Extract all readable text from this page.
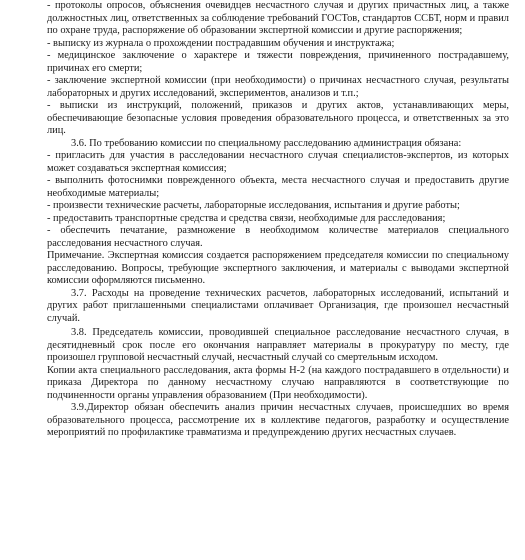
- протоколы опросов, объяснения очевидцев несчастного случая и других причастных лиц, а также должностных лиц, ответственных за соблюдение требований ГОСТов, стандартов ССБТ, норм и правил по охране труда, распоряжение об образовании экспертной комиссии и другие распоряжения;

- выписку из журнала о прохождении пострадавшим обучения и инструктажа;

- медицинское заключение о характере и тяжести повреждения, причиненного пострадавшему, причинах его смерти;

- заключение экспертной комиссии (при необходимости) о причинах несчастного случая, результаты лабораторных и других исследований, экспериментов, анализов и т.п.;

- выписки из инструкций, положений, приказов и других актов, устанавливающих меры, обеспечивающие безопасные условия проведения образовательного процесса, и ответственных за это лиц.

3.6. По требованию комиссии по специальному расследованию администрация обязана:

- пригласить для участия в расследовании несчастного случая специалистов-экспертов, из которых может создаваться экспертная комиссия;

- выполнить фотоснимки поврежденного объекта, места несчастного случая и предоставить другие необходимые материалы;

- произвести технические расчеты, лабораторные исследования, испытания и другие работы;

- предоставить транспортные средства и средства связи, необходимые для расследования;

- обеспечить печатание, размножение в необходимом количестве материалов специального расследования несчастного случая.

Примечание. Экспертная комиссия создается распоряжением председателя комиссии по специальному расследованию. Вопросы, требующие экспертного заключения, и материалы с выводами экспертной комиссии оформляются письменно.

3.7. Расходы на проведение технических расчетов, лабораторных исследований, испытаний и других работ приглашенными специалистами оплачивает Организация, где произошел несчастный случай.

3.8. Председатель комиссии, проводившей специальное расследование несчастного случая, в десятидневный срок после его окончания направляет материалы в прокуратуру по месту, где произошел групповой несчастный случай, несчастный случай со смертельным исходом.

Копии акта специального расследования, акта формы Н-2 (на каждого пострадавшего в отдельности) и приказа Директора по данному несчастному случаю направляются в соответствующие по подчиненности органы управления образованием (При необходимости).

3.9.Директор обязан обеспечить анализ причин несчастных случаев, происшедших во время образовательного процесса, рассмотрение их в коллективе педагогов, разработку и осуществление мероприятий по профилактике травматизма и предупреждению других несчастных случаев.
